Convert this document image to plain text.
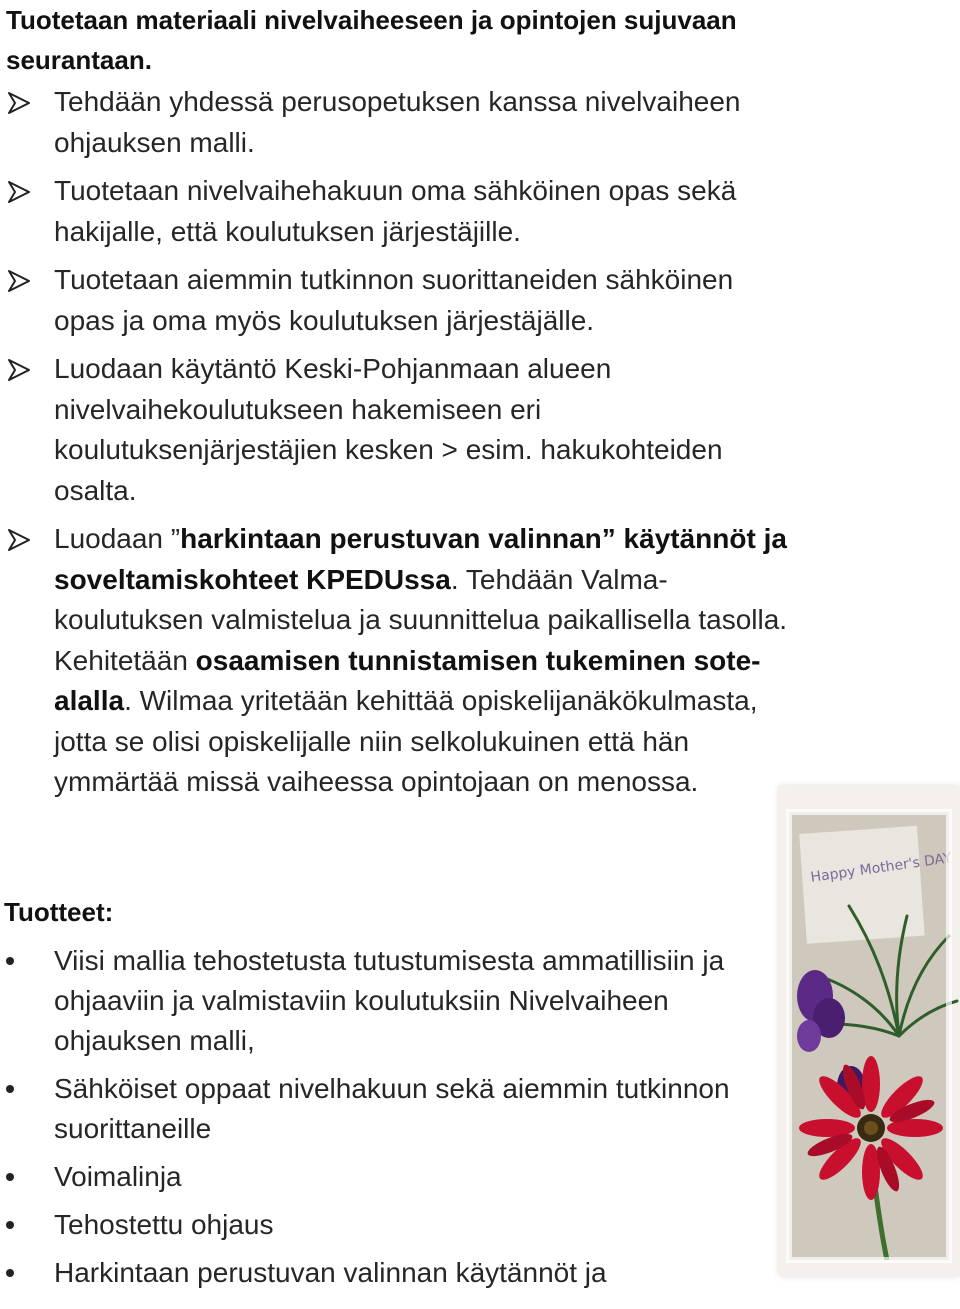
Tuotetaan materiaali nivelvaiheeseen ja opintojen sujuvaan seurantaan.
Tehdään yhdessä perusopetuksen kanssa nivelvaiheen ohjauksen malli.
Tuotetaan nivelvaihehakuun oma sähköinen opas sekä hakijalle, että koulutuksen järjestäjille.
Tuotetaan aiemmin tutkinnon suorittaneiden sähköinen opas ja oma myös koulutuksen järjestäjälle.
Luodaan käytäntö Keski-Pohjanmaan alueen nivelvaihekoulutukseen hakemiseen eri koulutuksenjärjestäjien kesken > esim. hakukohteiden osalta.
Luodaan ”harkintaan perustuvan valinnan” käytännöt ja soveltamiskohteet KPEDUssa. Tehdään Valma-koulutuksen valmistelua ja suunnittelua paikallisella tasolla. Kehitetään osaamisen tunnistamisen tukeminen sote-alalla. Wilmaa yritetään kehittää opiskelijanäkökulmasta, jotta se olisi opiskelijalle niin selkolukuinen että hän ymmärtää missä vaiheessa opintojaan on menossa.
Tuotteet:
Viisi mallia tehostetusta tutustumisesta ammatillisiin ja ohjaaviin ja valmistaviin koulutuksiin Nivelvaiheen ohjauksen malli,
Sähköiset oppaat nivelhakuun sekä aiemmin tutkinnon suorittaneille
Voimalinja
Tehostettu ohjaus
Harkintaan perustuvan valinnan käytännöt ja
Happy Mother's DAY
